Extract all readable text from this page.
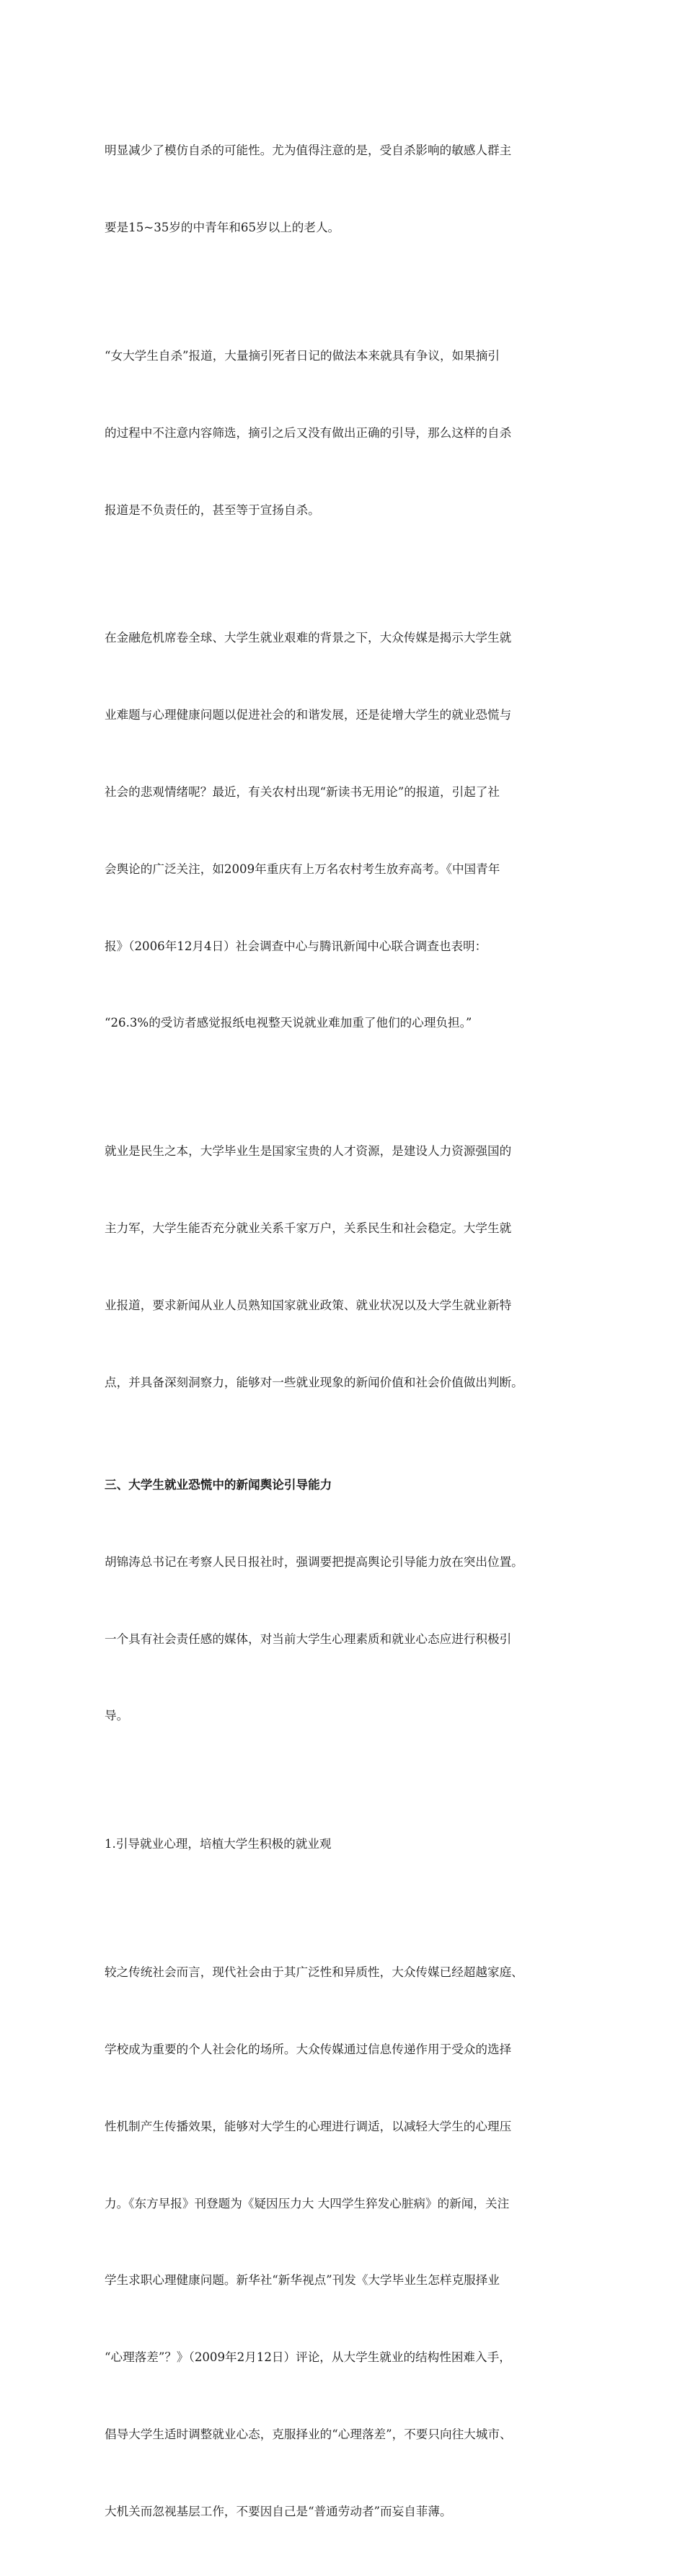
明显减少了模仿自杀的可能性。尤为值得注意的是，受自杀影响的敏感人群主

要是15~35岁的中青年和65岁以上的老人。

“女大学生自杀”报道，大量摘引死者日记的做法本来就具有争议，如果摘引

的过程中不注意内容筛选，摘引之后又没有做出正确的引导，那么这样的自杀

报道是不负责任的，甚至等于宣扬自杀。

在金融危机席卷全球、大学生就业艰难的背景之下，大众传媒是揭示大学生就

业难题与心理健康问题以促进社会的和谐发展，还是徒增大学生的就业恐慌与

社会的悲观情绪呢？最近，有关农村出现“新读书无用论”的报道，引起了社

会舆论的广泛关注，如2009年重庆有上万名农村考生放弃高考。《中国青年

报》（2006年12月4日）社会调查中心与腾讯新闻中心联合调查也表明：

“26.3%的受访者感觉报纸电视整天说就业难加重了他们的心理负担。”

就业是民生之本，大学毕业生是国家宝贵的人才资源，是建设人力资源强国的

主力军，大学生能否充分就业关系千家万户，关系民生和社会稳定。大学生就

业报道，要求新闻从业人员熟知国家就业政策、就业状况以及大学生就业新特

点，并具备深刻洞察力，能够对一些就业现象的新闻价值和社会价值做出判断。

三、大学生就业恐慌中的新闻舆论引导能力

胡锦涛总书记在考察人民日报社时，强调要把提高舆论引导能力放在突出位置。

一个具有社会责任感的媒体，对当前大学生心理素质和就业心态应进行积极引

导。

1.引导就业心理，培植大学生积极的就业观

较之传统社会而言，现代社会由于其广泛性和异质性，大众传媒已经超越家庭、

学校成为重要的个人社会化的场所。大众传媒通过信息传递作用于受众的选择

性机制产生传播效果，能够对大学生的心理进行调适，以减轻大学生的心理压

力。《东方早报》刊登题为《疑因压力大 大四学生猝发心脏病》的新闻，关注

学生求职心理健康问题。新华社“新华视点”刊发《大学毕业生怎样克服择业

“心理落差”？》（2009年2月12日）评论，从大学生就业的结构性困难入手，

倡导大学生适时调整就业心态，克服择业的“心理落差”，不要只向往大城市、

大机关而忽视基层工作，不要因自己是“普通劳动者”而妄自菲薄。
